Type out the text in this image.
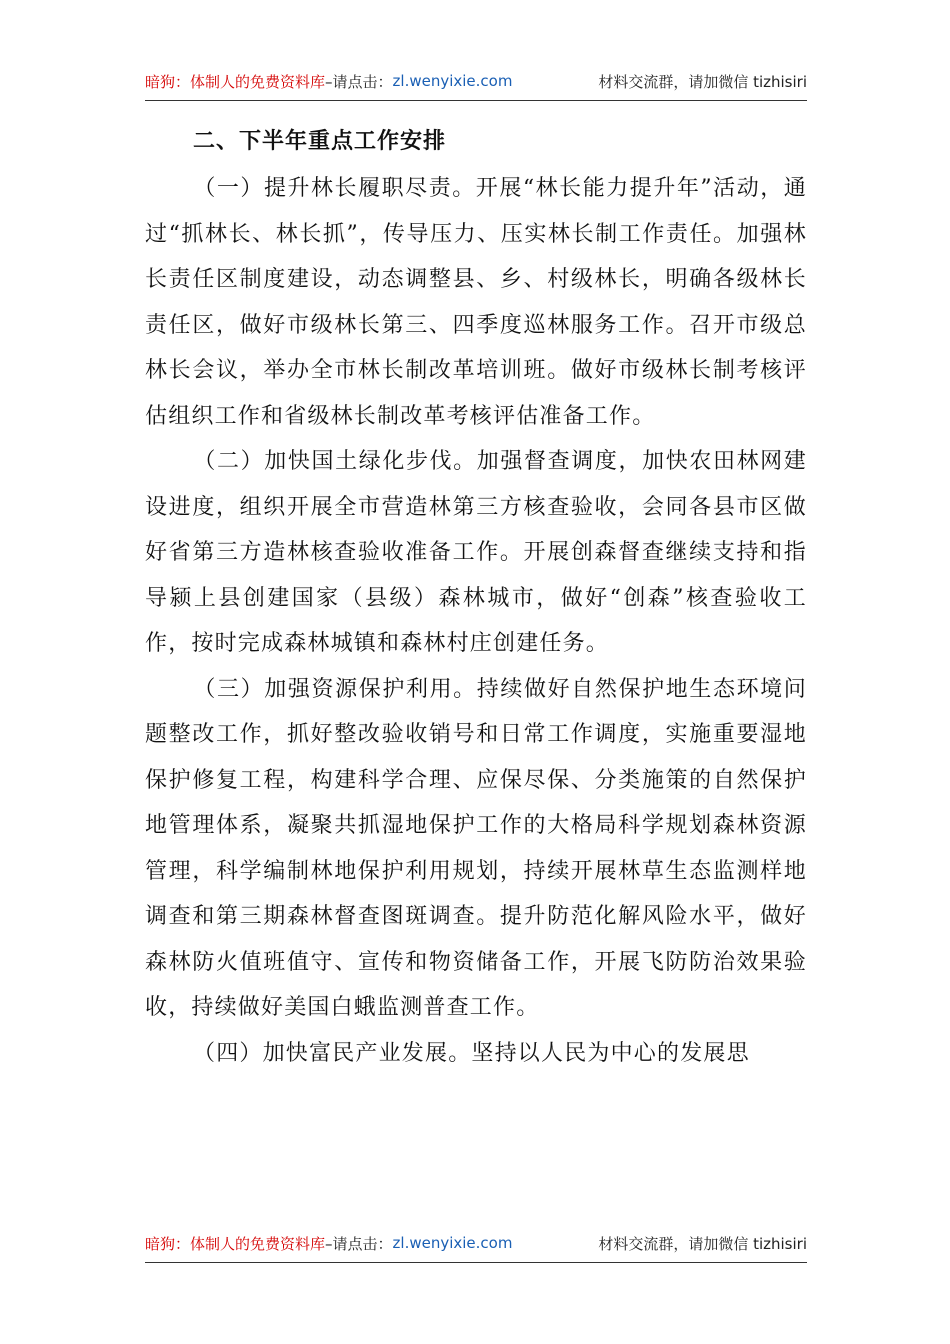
暗狗：体制人的免费资料库 –请点击： zl.wenyixie.com	材料交流群，请加微信 tizhisiri
二、下半年重点工作安排

（一）提升林长履职尽责。开展“林长能力提升年”活动，通过“抓林长、林长抓”，传导压力、压实林长制工作责任。加强林长责任区制度建设，动态调整县、乡、村级林长，明确各级林长责任区，做好市级林长第三、四季度巡林服务工作。召开市级总林长会议，举办全市林长制改革培训班。做好市级林长制考核评估组织工作和省级林长制改革考核评估准备工作。

（二）加快国土绿化步伐。加强督查调度，加快农田林网建设进度，组织开展全市营造林第三方核查验收，会同各县市区做好省第三方造林核查验收准备工作。开展创森督查继续支持和指导颍上县创建国家（县级）森林城市，做好“创森”核查验收工作，按时完成森林城镇和森林村庄创建任务。

（三）加强资源保护利用。持续做好自然保护地生态环境问题整改工作，抓好整改验收销号和日常工作调度，实施重要湿地保护修复工程，构建科学合理、应保尽保、分类施策的自然保护地管理体系，凝聚共抓湿地保护工作的大格局科学规划森林资源管理，科学编制林地保护利用规划，持续开展林草生态监测样地调查和第三期森林督查图斑调查。提升防范化解风险水平，做好森林防火值班值守、宣传和物资储备工作，开展飞防防治效果验收，持续做好美国白蛾监测普查工作。

（四）加快富民产业发展。坚持以人民为中心的发展思

暗狗：体制人的免费资料库 –请点击： zl.wenyixie.com	材料交流群，请加微信 tizhisiri
